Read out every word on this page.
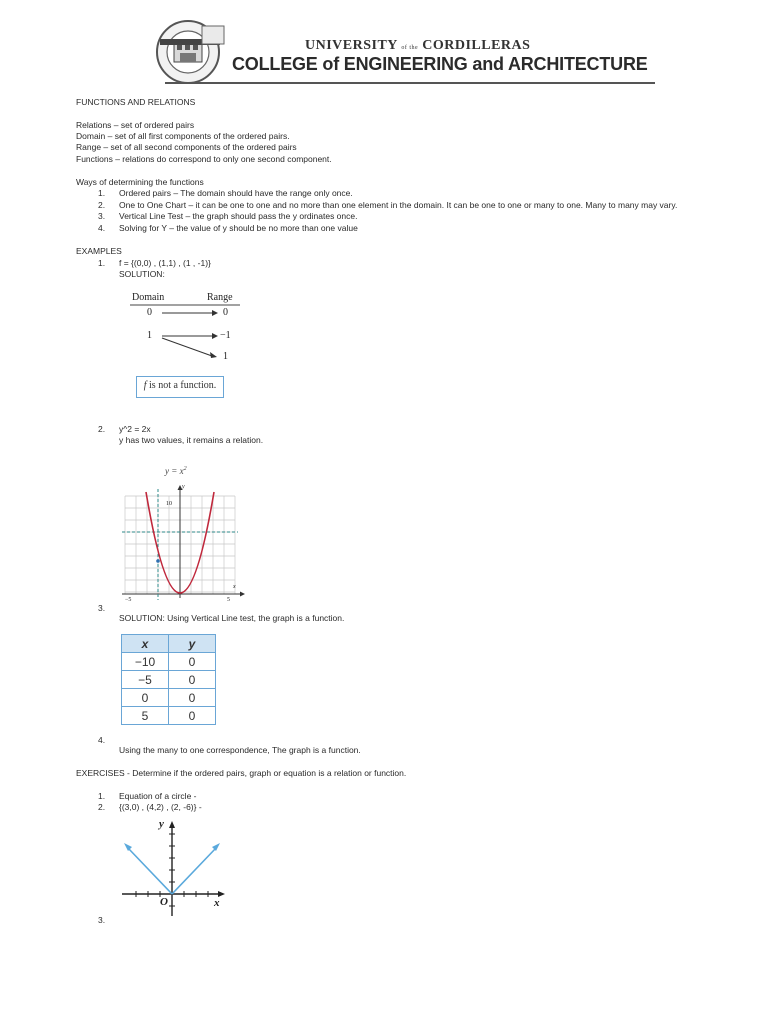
UNIVERSITY of the CORDILLERAS
COLLEGE of ENGINEERING and ARCHITECTURE
FUNCTIONS AND RELATIONS
Relations – set of ordered pairs
Domain – set of all first components of the ordered pairs.
Range – set of all second components of the ordered pairs
Functions – relations do correspond to only one second component.
Ways of determining the functions
1. Ordered pairs – The domain should have the range only once.
2. One to One Chart – it can be one to one and no more than one element in the domain. It can be one to one or many to one. Many to many may vary.
3. Vertical Line Test – the graph should pass the y ordinates once.
4. Solving for Y – the value of y should be no more than one value
EXAMPLES
1. f = {(0,0) , (1,1) , (1 , -1)}
SOLUTION:
Domain	Range
0
1
0
−1
1
f is not a function.
2. y^2 = 2x
y has two values, it remains a relation.
$y = x^2$
10
y
−5	5
x
3.
SOLUTION: Using Vertical Line test, the graph is a function.
x	y
−10	0
−5	0
0	0
5	0
4.
Using the many to one correspondence, The graph is a function.
EXERCISES - Determine if the ordered pairs, graph or equation is a relation or function.
1. Equation of a circle -
2. {(3,0) , (4,2) , (2, -6)} -
y
x
O
3.
